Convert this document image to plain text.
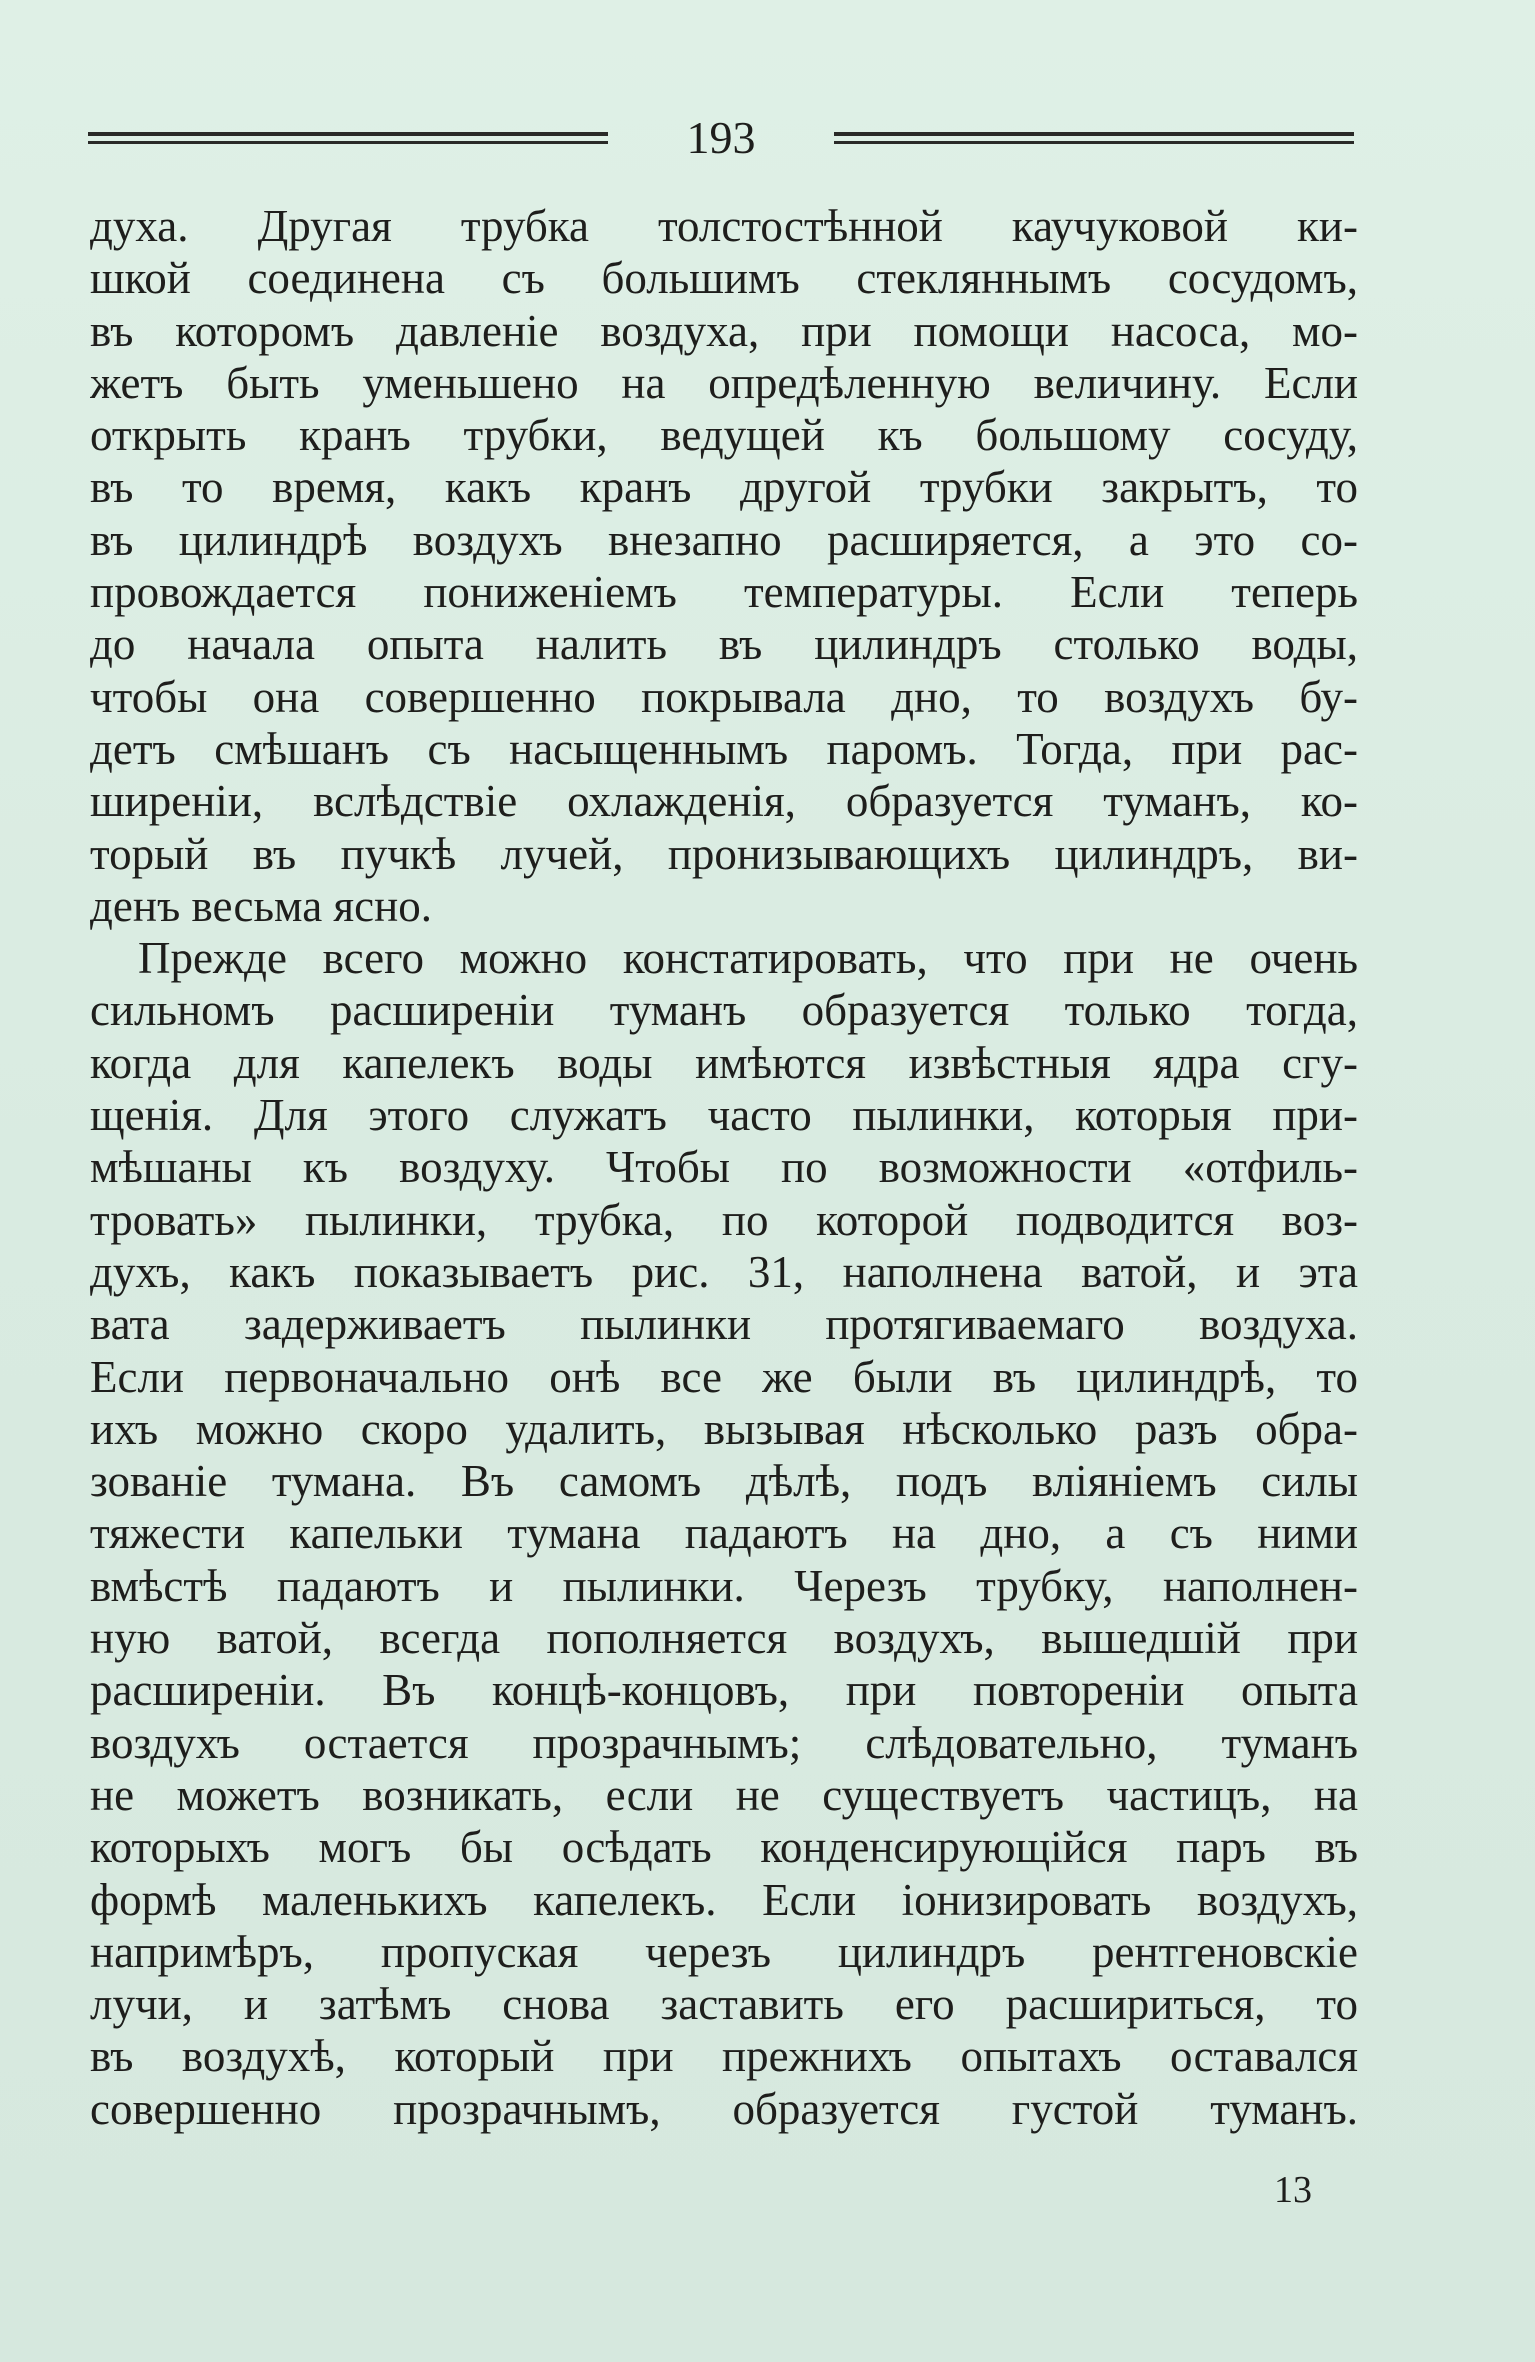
193
духа. Другая трубка толстостѣнной каучуковой ки-
шкой соединена съ большимъ стекляннымъ сосудомъ,
въ которомъ давленіе воздуха, при помощи насоса, мо-
жетъ быть уменьшено на опредѣленную величину. Если
открыть кранъ трубки, ведущей къ большому сосуду,
въ то время, какъ кранъ другой трубки закрытъ, то
въ цилиндрѣ воздухъ внезапно расширяется, а это со-
провождается пониженіемъ температуры. Если теперь
до начала опыта налить въ цилиндръ столько воды,
чтобы она совершенно покрывала дно, то воздухъ бу-
детъ смѣшанъ съ насыщеннымъ паромъ. Тогда, при рас-
ширеніи, вслѣдствіе охлажденія, образуется туманъ, ко-
торый въ пучкѣ лучей, пронизывающихъ цилиндръ, ви-
денъ весьма ясно.
Прежде всего можно констатировать, что при не очень
сильномъ расширеніи туманъ образуется только тогда,
когда для капелекъ воды имѣются извѣстныя ядра сгу-
щенія. Для этого служатъ часто пылинки, которыя при-
мѣшаны къ воздуху. Чтобы по возможности «отфиль-
тровать» пылинки, трубка, по которой подводится воз-
духъ, какъ показываетъ рис. 31, наполнена ватой, и эта
вата задерживаетъ пылинки протягиваемаго воздуха.
Если первоначально онѣ все же были въ цилиндрѣ, то
ихъ можно скоро удалить, вызывая нѣсколько разъ обра-
зованіе тумана. Въ самомъ дѣлѣ, подъ вліяніемъ силы
тяжести капельки тумана падаютъ на дно, а съ ними
вмѣстѣ падаютъ и пылинки. Черезъ трубку, наполнен-
ную ватой, всегда пополняется воздухъ, вышедшій при
расширеніи. Въ концѣ-концовъ, при повтореніи опыта
воздухъ остается прозрачнымъ; слѣдовательно, туманъ
не можетъ возникать, если не существуетъ частицъ, на
которыхъ могъ бы осѣдать конденсирующійся паръ въ
формѣ маленькихъ капелекъ. Если іонизировать воздухъ,
напримѣръ, пропуская черезъ цилиндръ рентгеновскіе
лучи, и затѣмъ снова заставить его расшириться, то
въ воздухѣ, который при прежнихъ опытахъ оставался
совершенно прозрачнымъ, образуется густой туманъ.
13
